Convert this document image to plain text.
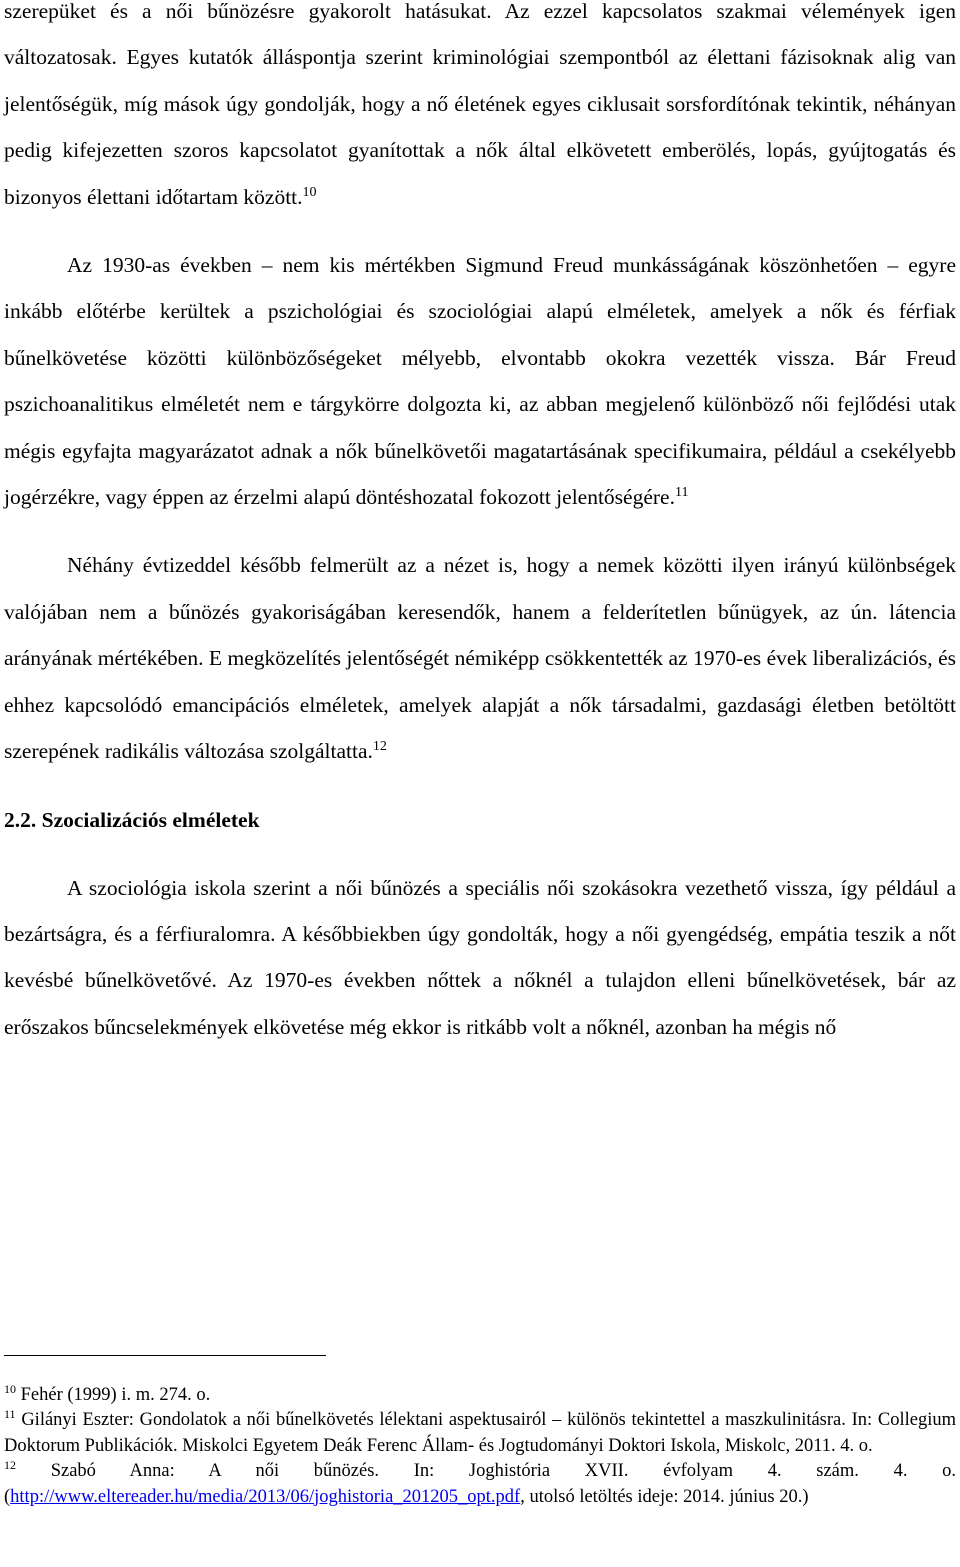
szerepüket és a női bűnözésre gyakorolt hatásukat. Az ezzel kapcsolatos szakmai vélemények igen változatosak. Egyes kutatók álláspontja szerint kriminológiai szempontból az élettani fázisoknak alig van jelentőségük, míg mások úgy gondolják, hogy a nő életének egyes ciklusait sorsfordítónak tekintik, néhányan pedig kifejezetten szoros kapcsolatot gyanítottak a nők által elkövetett emberölés, lopás, gyújtogatás és bizonyos élettani időtartam között.$^{10}$

Az 1930-as években – nem kis mértékben Sigmund Freud munkásságának köszönhetően – egyre inkább előtérbe kerültek a pszichológiai és szociológiai alapú elméletek, amelyek a nők és férfiak bűnelkövetése közötti különbözőségeket mélyebb, elvontabb okokra vezették vissza. Bár Freud pszichoanalitikus elméletét nem e tárgykörre dolgozta ki, az abban megjelenő különböző női fejlődési utak mégis egyfajta magyarázatot adnak a nők bűnelkövetői magatartásának specifikumaira, például a csekélyebb jogérzékre, vagy éppen az érzelmi alapú döntéshozatal fokozott jelentőségére.$^{11}$

Néhány évtizeddel később felmerült az a nézet is, hogy a nemek közötti ilyen irányú különbségek valójában nem a bűnözés gyakoriságában keresendők, hanem a felderítetlen bűnügyek, az ún. látencia arányának mértékében. E megközelítés jelentőségét némiképp csökkentették az 1970-es évek liberalizációs, és ehhez kapcsolódó emancipációs elméletek, amelyek alapját a nők társadalmi, gazdasági életben betöltött szerepének radikális változása szolgáltatta.$^{12}$

2.2. Szocializációs elméletek

A szociológia iskola szerint a női bűnözés a speciális női szokásokra vezethető vissza, így például a bezártságra, és a férfiuralomra. A későbbiekben úgy gondolták, hogy a női gyengédség, empátia teszik a nőt kevésbé bűnelkövetővé. Az 1970-es években nőttek a nőknél a tulajdon elleni bűnelkövetések, bár az erőszakos bűncselekmények elkövetése még ekkor is ritkább volt a nőknél, azonban ha mégis nő

$^{10}$ Fehér (1999) i. m. 274. o.

$^{11}$ Gilányi Eszter: Gondolatok a női bűnelkövetés lélektani aspektusairól – különös tekintettel a maszkulinitásra. In: Collegium Doktorum Publikációk. Miskolci Egyetem Deák Ferenc Állam- és Jogtudományi Doktori Iskola, Miskolc, 2011. 4. o.

$^{12}$ Szabó Anna: A női bűnözés. In: Joghistória XVII. évfolyam 4. szám. 4. o. (http://www.eltereader.hu/media/2013/06/joghistoria_201205_opt.pdf, utolsó letöltés ideje: 2014. június 20.)
